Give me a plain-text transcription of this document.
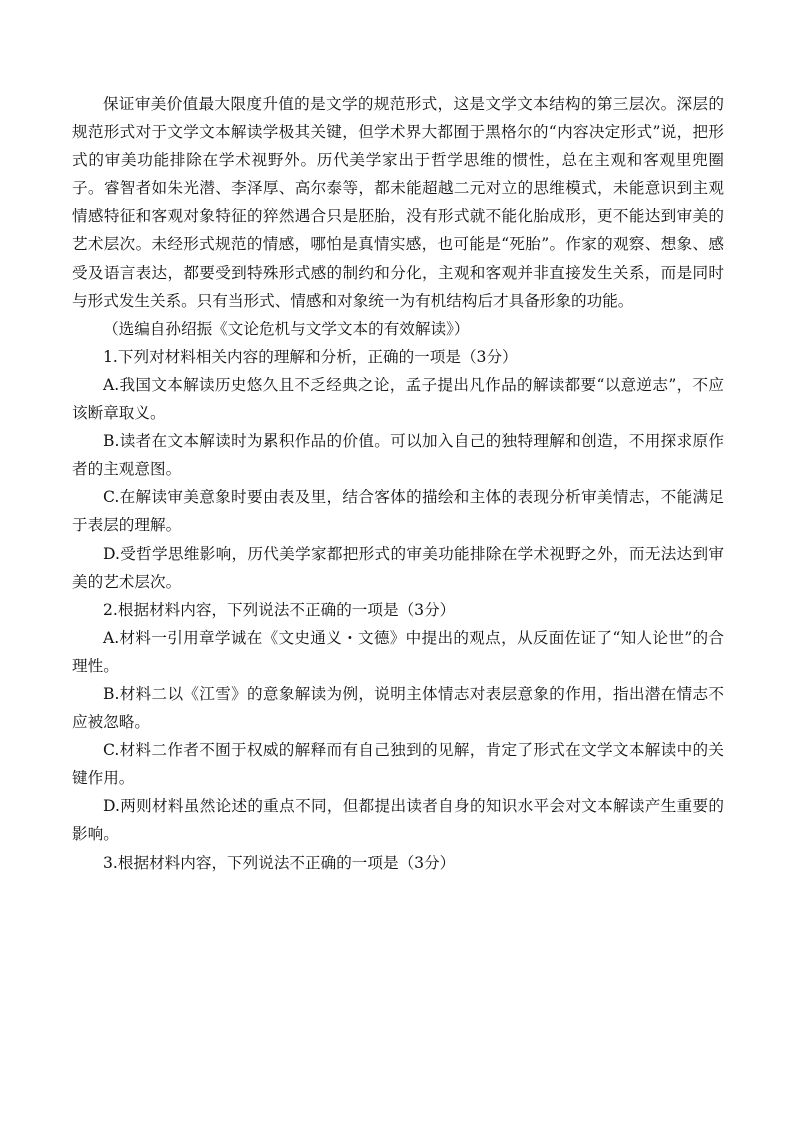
保证审美价值最大限度升值的是文学的规范形式，这是文学文本结构的第三层次。深层的规范形式对于文学文本解读学极其关键，但学术界大都囿于黑格尔的“内容决定形式”说，把形式的审美功能排除在学术视野外。历代美学家出于哲学思维的惯性，总在主观和客观里兜圈子。睿智者如朱光潜、李泽厚、高尔泰等，都未能超越二元对立的思维模式，未能意识到主观情感特征和客观对象特征的猝然遇合只是胚胎，没有形式就不能化胎成形，更不能达到审美的艺术层次。未经形式规范的情感，哪怕是真情实感，也可能是“死胎”。作家的观察、想象、感受及语言表达，都要受到特殊形式感的制约和分化，主观和客观并非直接发生关系，而是同时与形式发生关系。只有当形式、情感和对象统一为有机结构后才具备形象的功能。

（选编自孙绍振《文论危机与文学文本的有效解读》）

1.下列对材料相关内容的理解和分析，正确的一项是（3分）

A.我国文本解读历史悠久且不乏经典之论，孟子提出凡作品的解读都要“以意逆志”，不应该断章取义。

B.读者在文本解读时为累积作品的价值。可以加入自己的独特理解和创造，不用探求原作者的主观意图。

C.在解读审美意象时要由表及里，结合客体的描绘和主体的表现分析审美情志，不能满足于表层的理解。

D.受哲学思维影响，历代美学家都把形式的审美功能排除在学术视野之外，而无法达到审美的艺术层次。

2.根据材料内容，下列说法不正确的一项是（3分）

A.材料一引用章学诚在《文史通义・文德》中提出的观点，从反面佐证了“知人论世”的合理性。

B.材料二以《江雪》的意象解读为例，说明主体情志对表层意象的作用，指出潜在情志不应被忽略。

C.材料二作者不囿于权威的解释而有自己独到的见解，肯定了形式在文学文本解读中的关键作用。

D.两则材料虽然论述的重点不同，但都提出读者自身的知识水平会对文本解读产生重要的影响。

3.根据材料内容，下列说法不正确的一项是（3分）
